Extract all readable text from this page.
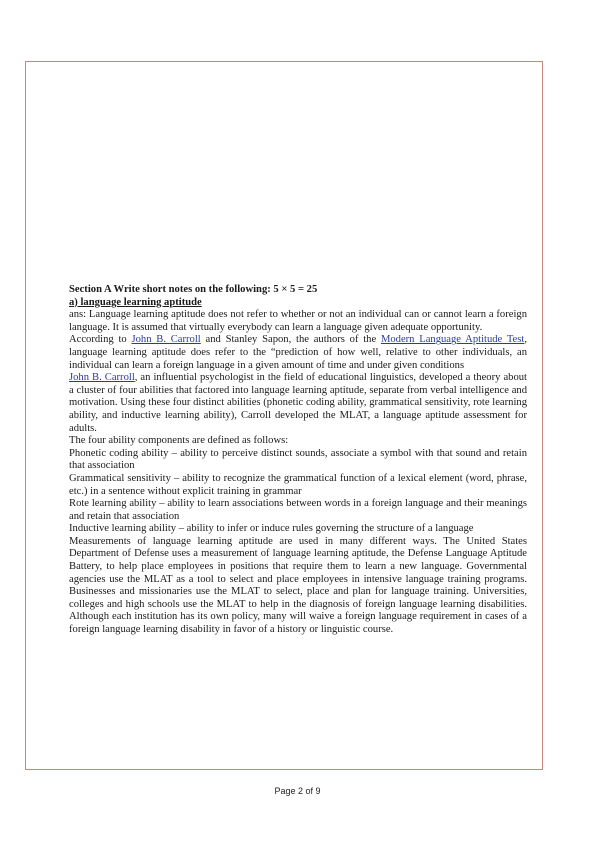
Section A Write short notes on the following: 5 × 5 = 25

a) language learning aptitude

ans: Language learning aptitude does not refer to whether or not an individual can or cannot learn a foreign language. It is assumed that virtually everybody can learn a language given adequate opportunity.

According to John B. Carroll and Stanley Sapon, the authors of the Modern Language Aptitude Test, language learning aptitude does refer to the “prediction of how well, relative to other individuals, an individual can learn a foreign language in a given amount of time and under given conditions

John B. Carroll, an influential psychologist in the field of educational linguistics, developed a theory about a cluster of four abilities that factored into language learning aptitude, separate from verbal intelligence and motivation. Using these four distinct abilities (phonetic coding ability, grammatical sensitivity, rote learning ability, and inductive learning ability), Carroll developed the MLAT, a language aptitude assessment for adults.

The four ability components are defined as follows:

Phonetic coding ability – ability to perceive distinct sounds, associate a symbol with that sound and retain that association

Grammatical sensitivity – ability to recognize the grammatical function of a lexical element (word, phrase, etc.) in a sentence without explicit training in grammar

Rote learning ability – ability to learn associations between words in a foreign language and their meanings and retain that association

Inductive learning ability – ability to infer or induce rules governing the structure of a language

Measurements of language learning aptitude are used in many different ways. The United States Department of Defense uses a measurement of language learning aptitude, the Defense Language Aptitude Battery, to help place employees in positions that require them to learn a new language. Governmental agencies use the MLAT as a tool to select and place employees in intensive language training programs. Businesses and missionaries use the MLAT to select, place and plan for language training. Universities, colleges and high schools use the MLAT to help in the diagnosis of foreign language learning disabilities. Although each institution has its own policy, many will waive a foreign language requirement in cases of a foreign language learning disability in favor of a history or linguistic course.

Page 2 of 9
